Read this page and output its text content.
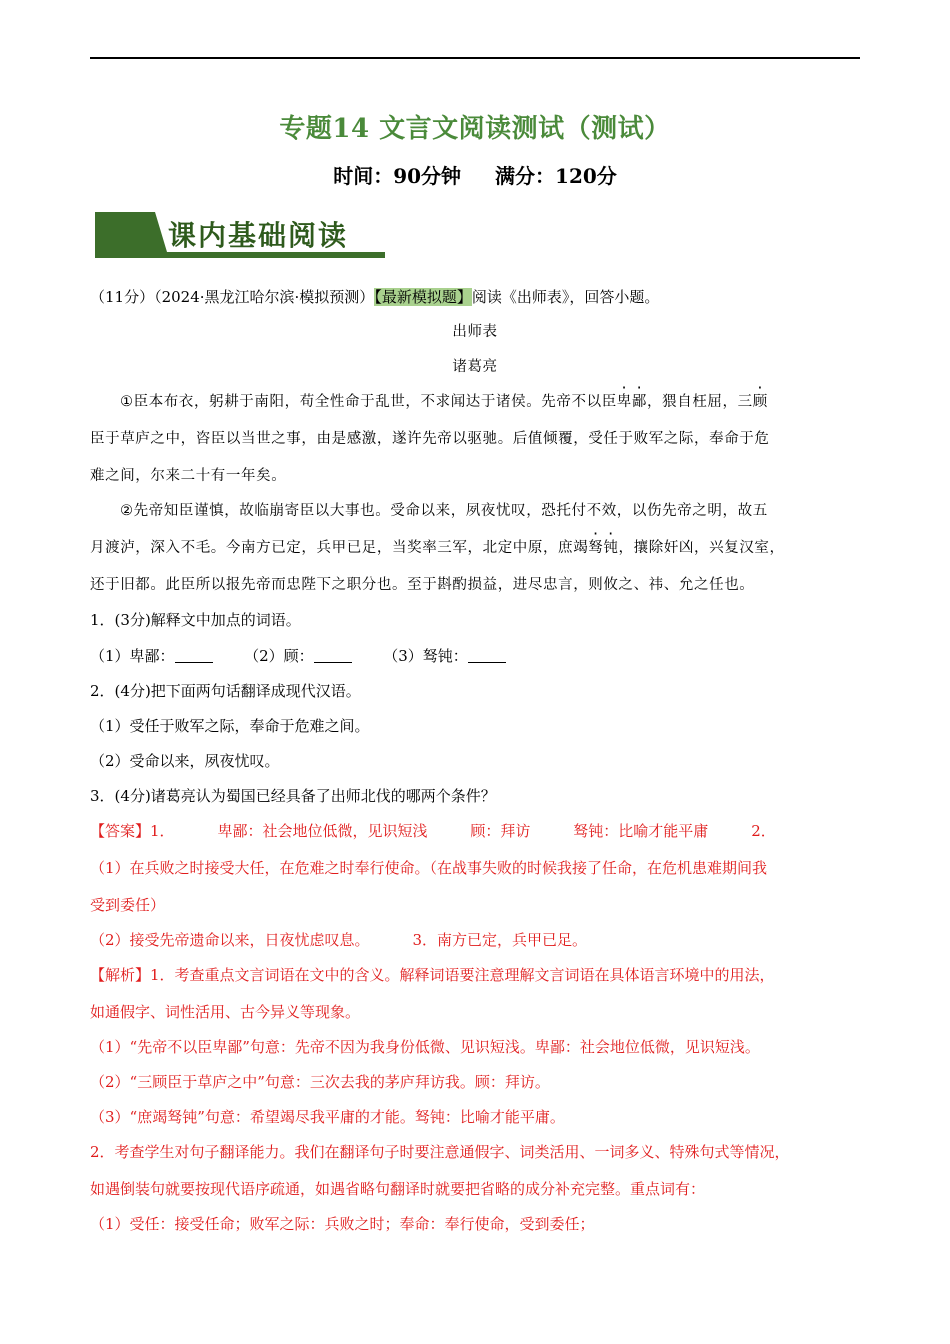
专题14 文言文阅读测试（测试）
时间：90分钟 满分：120分
课内基础阅读
（11分）（2024·黑龙江哈尔滨·模拟预测）【最新模拟题】阅读《出师表》，回答小题。
出师表
诸葛亮
①臣本布衣，躬耕于南阳，苟全性命于乱世，不求闻达于诸侯。先帝不以臣卑鄙，猥自枉屈，三顾
臣于草庐之中，咨臣以当世之事，由是感激，遂许先帝以驱驰。后值倾覆，受任于败军之际，奉命于危
难之间，尔来二十有一年矣。
②先帝知臣谨慎，故临崩寄臣以大事也。受命以来，夙夜忧叹，恐托付不效，以伤先帝之明，故五
月渡泸，深入不毛。今南方已定，兵甲已足，当奖率三军，北定中原，庶竭驽钝，攘除奸凶，兴复汉室，
还于旧都。此臣所以报先帝而忠陛下之职分也。至于斟酌损益，进尽忠言，则攸之、祎、允之任也。
1．(3分)解释文中加点的词语。
（1）卑鄙：	（2）顾：	（3）驽钝：
2．(4分)把下面两句话翻译成现代汉语。
（1）受任于败军之际，奉命于危难之间。
（2）受命以来，夙夜忧叹。
3．(4分)诸葛亮认为蜀国已经具备了出师北伐的哪两个条件？
【答案】1．         卑鄙：社会地位低微，见识短浅         顾：拜访         驽钝：比喻才能平庸         2．
（1）在兵败之时接受大任，在危难之时奉行使命。（在战事失败的时候我接了任命，在危机患难期间我
受到委任）
（2）接受先帝遗命以来，日夜忧虑叹息。         3．南方已定，兵甲已足。
【解析】1．考查重点文言词语在文中的含义。解释词语要注意理解文言词语在具体语言环境中的用法，
如通假字、词性活用、古今异义等现象。
（1）“先帝不以臣卑鄙”句意：先帝不因为我身份低微、见识短浅。卑鄙：社会地位低微，见识短浅。
（2）“三顾臣于草庐之中”句意：三次去我的茅庐拜访我。顾：拜访。
（3）“庶竭驽钝”句意：希望竭尽我平庸的才能。驽钝：比喻才能平庸。
2．考查学生对句子翻译能力。我们在翻译句子时要注意通假字、词类活用、一词多义、特殊句式等情况，
如遇倒装句就要按现代语序疏通，如遇省略句翻译时就要把省略的成分补充完整。重点词有：
（1）受任：接受任命；败军之际：兵败之时；奉命：奉行使命，受到委任；
